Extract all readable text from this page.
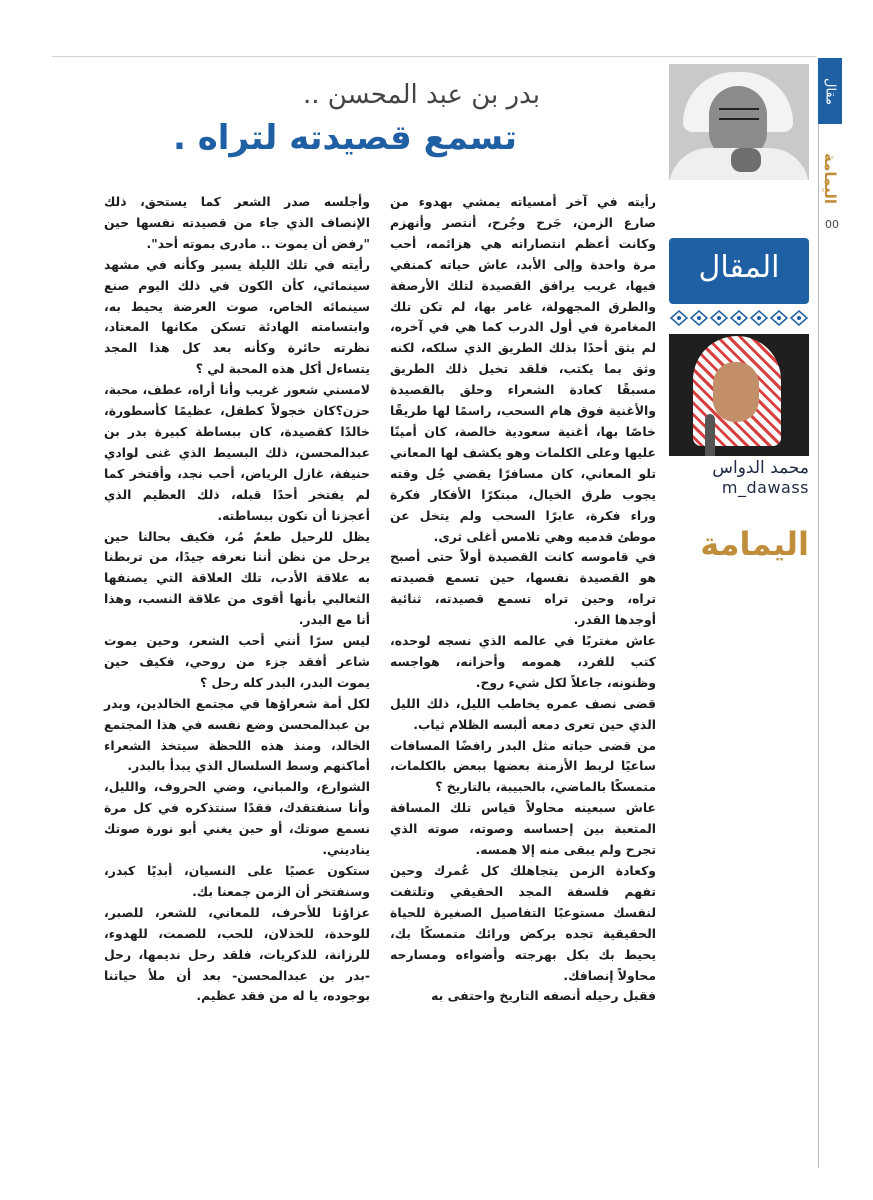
مقال
اليمامة
00
المقال
محمد الدواس
m_dawass
اليمامة
بدر بن عبد المحسن ..
تسمع قصيدته لتراه .

رأيته في آخر أمسياته يمشي بهدوء من صارع الزمن، جَرح وجُرح، أنتصر وأنهزم وكانت أعظم انتصاراته هي هزائمه، أحب مرة واحدة وإلى الأبد، عاش حياته كمنفي فيها، غريب يرافق القصيدة لتلك الأرصفة والطرق المجهولة، غامر بها، لم تكن تلك المغامرة في أول الدرب كما هي في آخره، لم يثق أحدًا بذلك الطريق الذي سلكه، لكنه وثق بما يكتب، فلقد تخيل ذلك الطريق مسبقًا كعادة الشعراء وحلق بالقصيدة والأغنية فوق هام السحب، راسمًا لها طريقًا خاصًا بها، أغنية سعودية خالصة، كان أمينًا عليها وعلى الكلمات وهو يكشف لها المعاني تلو المعاني، كان مسافرًا يقضي جُل وقته يجوب طرق الخيال، مبتكرًا الأفكار فكرة وراء فكرة، عابرًا السحب ولم يتخل عن موطئ قدميه وهي تلامس أغلى ثرى.

في قاموسه كانت القصيدة أولاً حتى أصبح هو القصيدة نفسها، حين تسمع قصيدته تراه، وحين تراه تسمع قصيدته، ثنائية أوجدها القدر.

عاش مغتربًا في عالمه الذي نسجه لوحده، كتب للفرد، همومه وأحزانه، هواجسه وظنونه، جاعلاً لكل شيء روح.

قضى نصف عمره يخاطب الليل، ذلك الليل الذي حين تعرى دمعه ألبسه الظلام ثياب.

من قضى حياته مثل البدر رافضًا المسافات ساعيًا لربط الأزمنة بعضها ببعض بالكلمات، متمسكًا بالماضي، بالحبيبة، بالتاريخ ؟

عاش سبعينه محاولاً قياس تلك المسافة المتعبة بين إحساسه وصوته، صوته الذي تجرح ولم يبقى منه إلا همسه.

وكعادة الزمن يتجاهلك كل عُمرك وحين تفهم فلسفة المجد الحقيقي وتلتفت لنفسك مستوعبًا التفاصيل الصغيرة للحياة الحقيقية تجده يركض ورائك متمسكًا بك، يحيط بك بكل بهرجته وأضواءه ومسارحه محاولاً إنصافك.

فقبل رحيله أنصفه التاريخ واحتفى به

وأجلسه صدر الشعر كما يستحق، ذلك الإنصاف الذي جاء من قصيدته نفسها حين "رفض أن يموت .. مادرى بموته أحد".

رأيته في تلك الليلة يسير وكأنه في مشهد سينمائي، كأن الكون في ذلك اليوم صنع سينمائه الخاص، صوت العرضة يحيط به، وابتسامته الهادئة تسكن مكانها المعتاد، نظرته حائرة وكأنه بعد كل هذا المجد يتساءل أكل هذه المحبة لي ؟

لامسني شعور غريب وأنا أراه، عطف، محبة، حزن؟كان خجولاً كطفل، عظيمًا كأسطورة، خالدًا كقصيدة، كان ببساطة كبيرة بدر بن عبدالمحسن، ذلك البسيط الذي غنى لوادي حنيفة، غازل الرياض، أحب نجد، وأفتخر كما لم يفتخر أحدًا قبله، ذلك العظيم الذي أعجزنا أن نكون ببساطته.

يظل للرحيل طعمٌ مُر، فكيف بحالنا حين يرحل من نظن أننا نعرفه جيدًا، من تربطنا به علاقة الأدب، تلك العلاقة التي يصنفها الثعالبي بأنها أقوى من علاقة النسب، وهذا أنا مع البدر.

ليس سرًا أنني أحب الشعر، وحين يموت شاعر أفقد جزء من روحي، فكيف حين يموت البدر، البدر كله رحل ؟

لكل أمة شعراؤها في مجتمع الخالدين، وبدر بن عبدالمحسن وضع نفسه في هذا المجتمع الخالد، ومنذ هذه اللحظة سيتخذ الشعراء أماكنهم وسط السلسال الذي يبدأ بالبدر.

الشوارع، والمباني، وضي الحروف، والليل، وأنا سنفتقدك، فقدًا سنتذكره في كل مرة نسمع صوتك، أو حين يغني أبو نورة صوتك يناديني.

ستكون عصيًا على النسيان، أبديًا كبدر، وسنفتخر أن الزمن جمعنا بك.

عزاؤنا للأحرف، للمعاني، للشعر، للصبر، للوحدة، للخذلان، للحب، للصمت، للهدوء، للرزانة، للذكريات، فلقد رحل نديمها، رحل -بدر بن عبدالمحسن- بعد أن ملأ حياتنا بوجوده، يا له من فقد عظيم.
